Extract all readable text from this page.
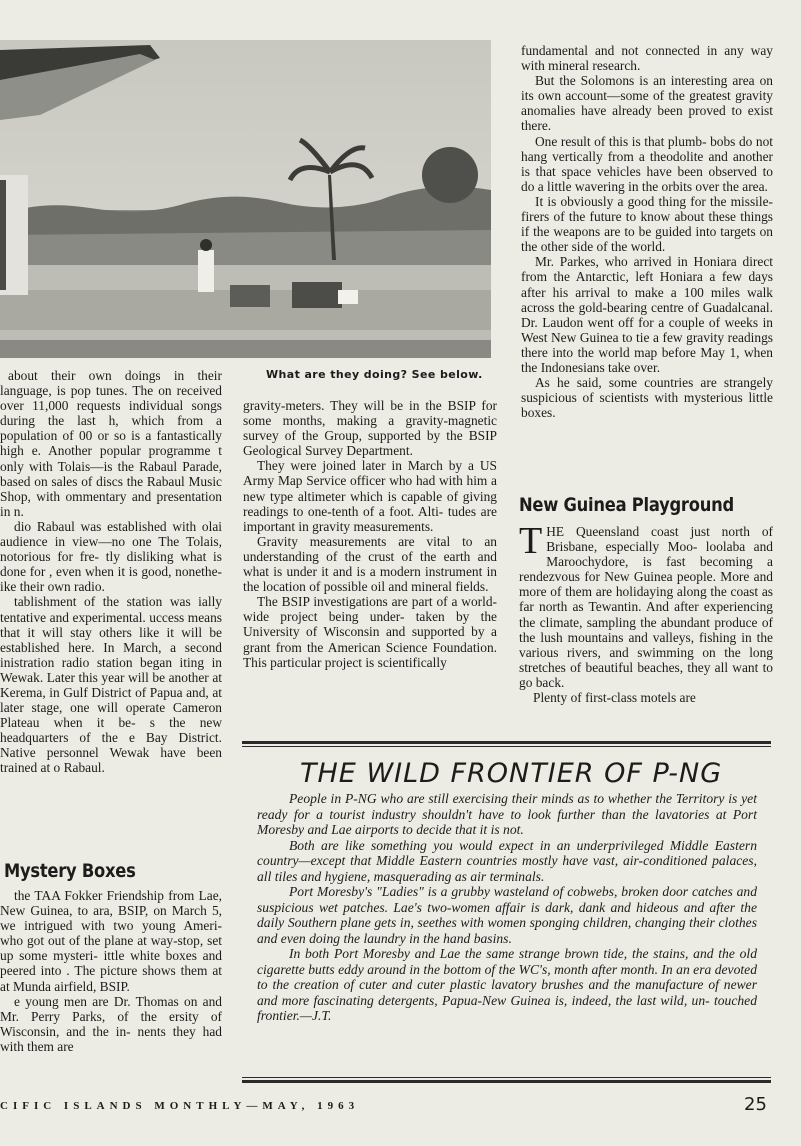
What are they doing? See below.

about their own doings in their language, is pop tunes. The on received over 11,000 requests individual songs during the last h, which from a population of 00 or so is a fantastically high e. Another popular programme t only with Tolais—is the Rabaul Parade, based on sales of discs the Rabaul Music Shop, with ommentary and presentation in n.

dio Rabaul was established with olai audience in view—no one The Tolais, notorious for fre- tly disliking what is done for , even when it is good, nonethe- ike their own radio.

tablishment of the station was ially tentative and experimental. uccess means that it will stay others like it will be established here. In March, a second inistration radio station began iting in Wewak. Later this year will be another at Kerema, in Gulf District of Papua and, at later stage, one will operate Cameron Plateau when it be- s the new headquarters of the e Bay District. Native personnel Wewak have been trained at o Rabaul.

Mystery Boxes

the TAA Fokker Friendship from Lae, New Guinea, to ara, BSIP, on March 5, we intrigued with two young Ameri- who got out of the plane at way-stop, set up some mysteri- ittle white boxes and peered into . The picture shows them at at Munda airfield, BSIP.

e young men are Dr. Thomas on and Mr. Perry Parks, of the ersity of Wisconsin, and the in- nents they had with them are

gravity-meters. They will be in the BSIP for some months, making a gravity-magnetic survey of the Group, supported by the BSIP Geological Survey Department.

They were joined later in March by a US Army Map Service officer who had with him a new type altimeter which is capable of giving readings to one-tenth of a foot. Alti- tudes are important in gravity measurements.

Gravity measurements are vital to an understanding of the crust of the earth and what is under it and is a modern instrument in the location of possible oil and mineral fields.

The BSIP investigations are part of a world-wide project being under- taken by the University of Wisconsin and supported by a grant from the American Science Foundation. This particular project is scientifically

fundamental and not connected in any way with mineral research.

But the Solomons is an interesting area on its own account—some of the greatest gravity anomalies have already been proved to exist there.

One result of this is that plumb- bobs do not hang vertically from a theodolite and another is that space vehicles have been observed to do a little wavering in the orbits over the area.

It is obviously a good thing for the missile-firers of the future to know about these things if the weapons are to be guided into targets on the other side of the world.

Mr. Parkes, who arrived in Honiara direct from the Antarctic, left Honiara a few days after his arrival to make a 100 miles walk across the gold-bearing centre of Guadalcanal. Dr. Laudon went off for a couple of weeks in West New Guinea to tie a few gravity readings there into the world map before May 1, when the Indonesians take over.

As he said, some countries are strangely suspicious of scientists with mysterious little boxes.

New Guinea Playground

THE Queensland coast just north of Brisbane, especially Moo- loolaba and Maroochydore, is fast becoming a rendezvous for New Guinea people. More and more of them are holidaying along the coast as far north as Tewantin. And after experiencing the climate, sampling the abundant produce of the lush mountains and valleys, fishing in the various rivers, and swimming on the long stretches of beautiful beaches, they all want to go back.

Plenty of first-class motels are

THE WILD FRONTIER OF P-NG

People in P-NG who are still exercising their minds as to whether the Territory is yet ready for a tourist industry shouldn't have to look further than the lavatories at Port Moresby and Lae airports to decide that it is not.

Both are like something you would expect in an underprivileged Middle Eastern country—except that Middle Eastern countries mostly have vast, air-conditioned palaces, all tiles and hygiene, masquerading as air terminals.

Port Moresby's "Ladies" is a grubby wasteland of cobwebs, broken door catches and suspicious wet patches. Lae's two-women affair is dark, dank and hideous and after the daily Southern plane gets in, seethes with women sponging children, changing their clothes and even doing the laundry in the hand basins.

In both Port Moresby and Lae the same strange brown tide, the stains, and the old cigarette butts eddy around in the bottom of the WC's, month after month. In an era devoted to the creation of cuter and cuter plastic lavatory brushes and the manufacture of newer and more fascinating detergents, Papua-New Guinea is, indeed, the last wild, un- touched frontier.—J.T.

CIFIC ISLANDS MONTHLY—MAY, 1963	25
